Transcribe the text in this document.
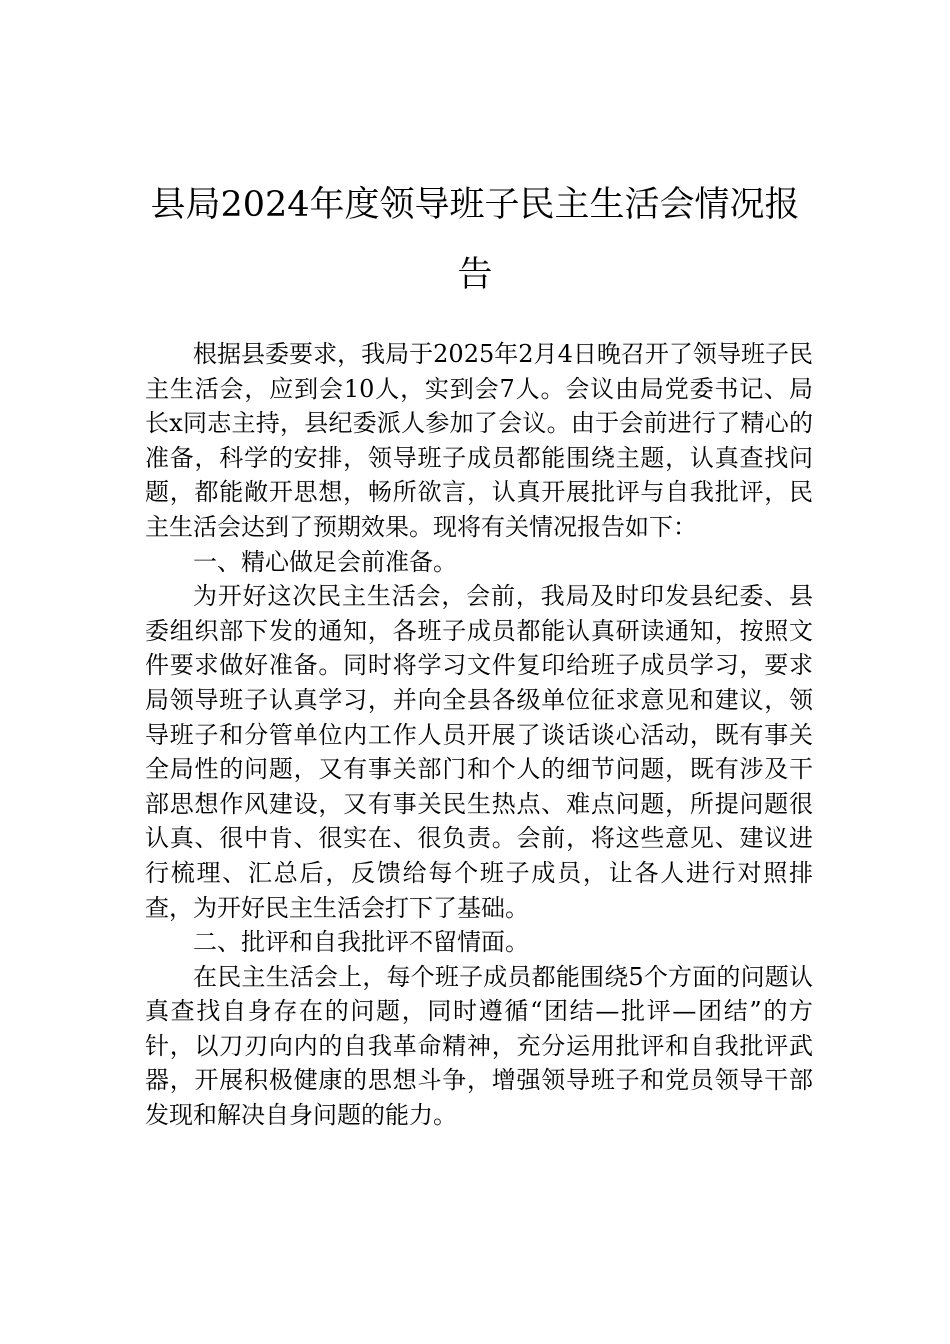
县局2024年度领导班子民主生活会情况报
告

根据县委要求，我局于2025年2月4日晚召开了领导班子民主生活会，应到会10人，实到会7人。会议由局党委书记、局长x同志主持，县纪委派人参加了会议。由于会前进行了精心的准备，科学的安排，领导班子成员都能围绕主题，认真查找问题，都能敞开思想，畅所欲言，认真开展批评与自我批评，民主生活会达到了预期效果。现将有关情况报告如下：

一、精心做足会前准备。

为开好这次民主生活会，会前，我局及时印发县纪委、县委组织部下发的通知，各班子成员都能认真研读通知，按照文件要求做好准备。同时将学习文件复印给班子成员学习，要求局领导班子认真学习，并向全县各级单位征求意见和建议，领导班子和分管单位内工作人员开展了谈话谈心活动，既有事关全局性的问题，又有事关部门和个人的细节问题，既有涉及干部思想作风建设，又有事关民生热点、难点问题，所提问题很认真、很中肯、很实在、很负责。会前，将这些意见、建议进行梳理、汇总后，反馈给每个班子成员，让各人进行对照排查，为开好民主生活会打下了基础。

二、批评和自我批评不留情面。

在民主生活会上，每个班子成员都能围绕5个方面的问题认真查找自身存在的问题，同时遵循“团结—批评—团结”的方针，以刀刃向内的自我革命精神，充分运用批评和自我批评武器，开展积极健康的思想斗争，增强领导班子和党员领导干部发现和解决自身问题的能力。
